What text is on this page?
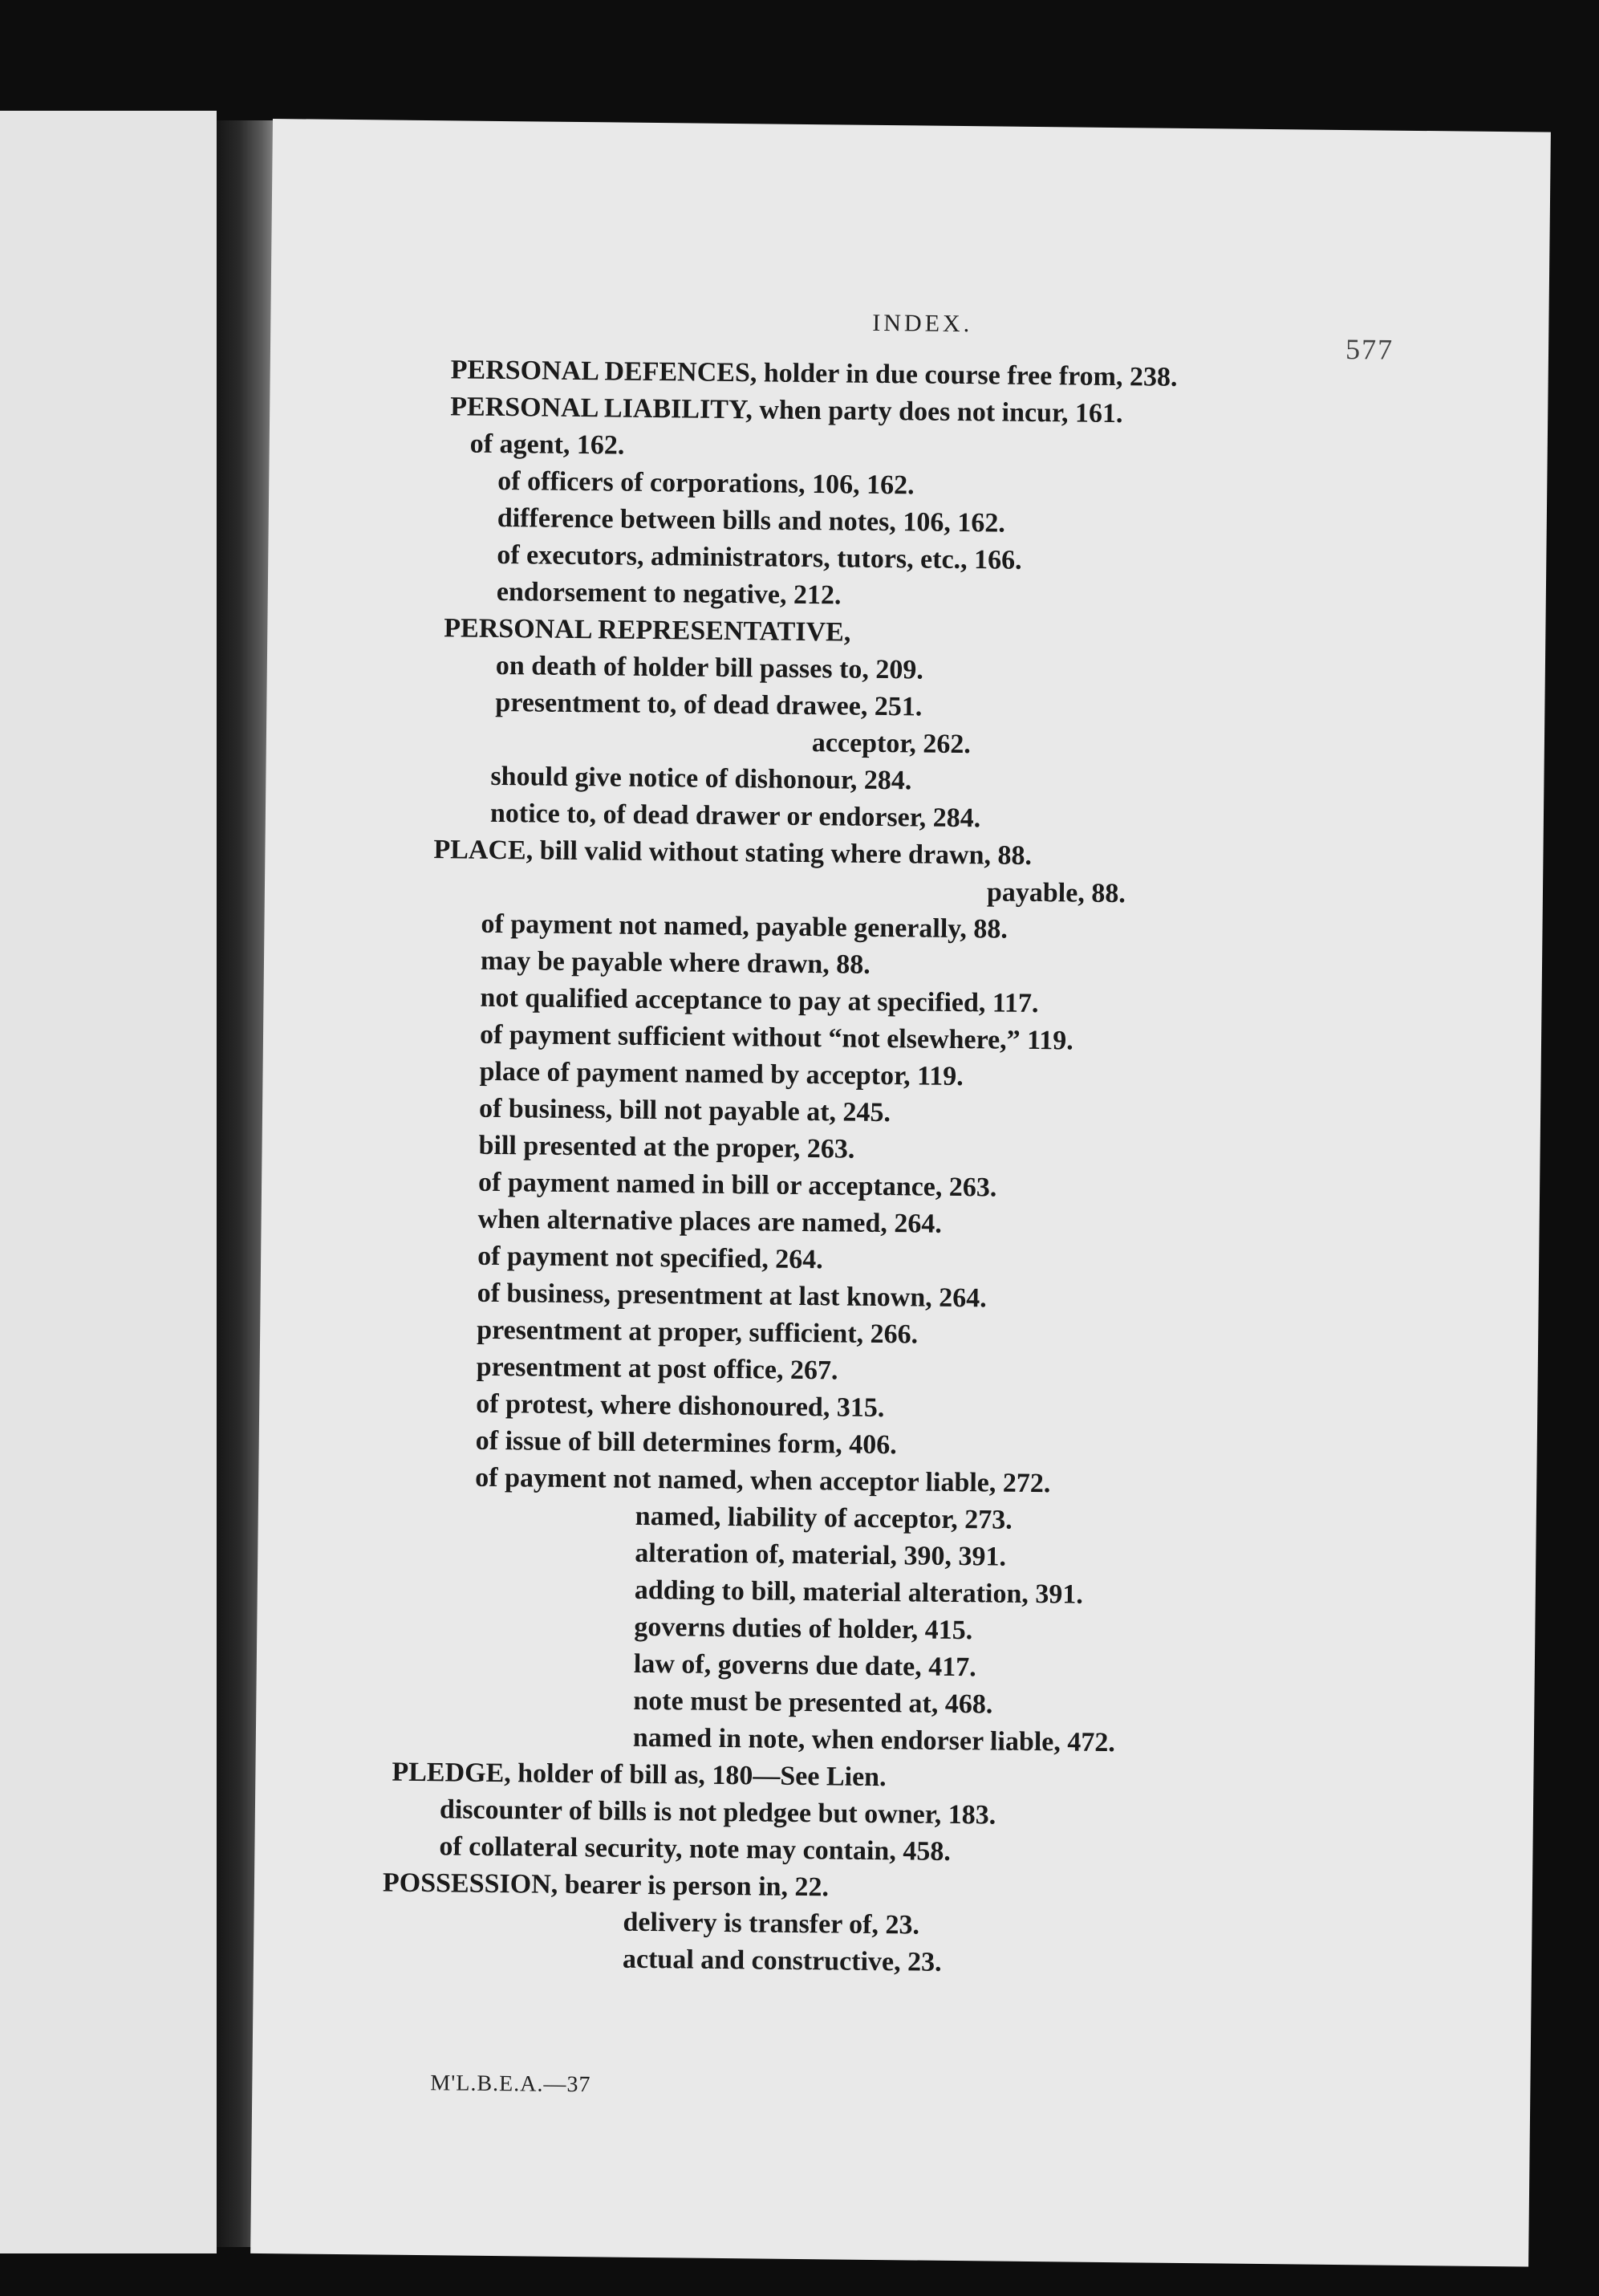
INDEX.
577
PERSONAL DEFENCES, holder in due course free from, 238.
PERSONAL LIABILITY, when party does not incur, 161.
of agent, 162.
of officers of corporations, 106, 162.
difference between bills and notes, 106, 162.
of executors, administrators, tutors, etc., 166.
endorsement to negative, 212.
PERSONAL REPRESENTATIVE,
on death of holder bill passes to, 209.
presentment to, of dead drawee, 251.
acceptor, 262.
should give notice of dishonour, 284.
notice to, of dead drawer or endorser, 284.
PLACE, bill valid without stating where drawn, 88.
payable, 88.
of payment not named, payable generally, 88.
may be payable where drawn, 88.
not qualified acceptance to pay at specified, 117.
of payment sufficient without “not elsewhere,” 119.
place of payment named by acceptor, 119.
of business, bill not payable at, 245.
bill presented at the proper, 263.
of payment named in bill or acceptance, 263.
when alternative places are named, 264.
of payment not specified, 264.
of business, presentment at last known, 264.
presentment at proper, sufficient, 266.
presentment at post office, 267.
of protest, where dishonoured, 315.
of issue of bill determines form, 406.
of payment not named, when acceptor liable, 272.
named, liability of acceptor, 273.
alteration of, material, 390, 391.
adding to bill, material alteration, 391.
governs duties of holder, 415.
law of, governs due date, 417.
note must be presented at, 468.
named in note, when endorser liable, 472.
PLEDGE, holder of bill as, 180—See Lien.
discounter of bills is not pledgee but owner, 183.
of collateral security, note may contain, 458.
POSSESSION, bearer is person in, 22.
delivery is transfer of, 23.
actual and constructive, 23.
M'L.B.E.A.—37
